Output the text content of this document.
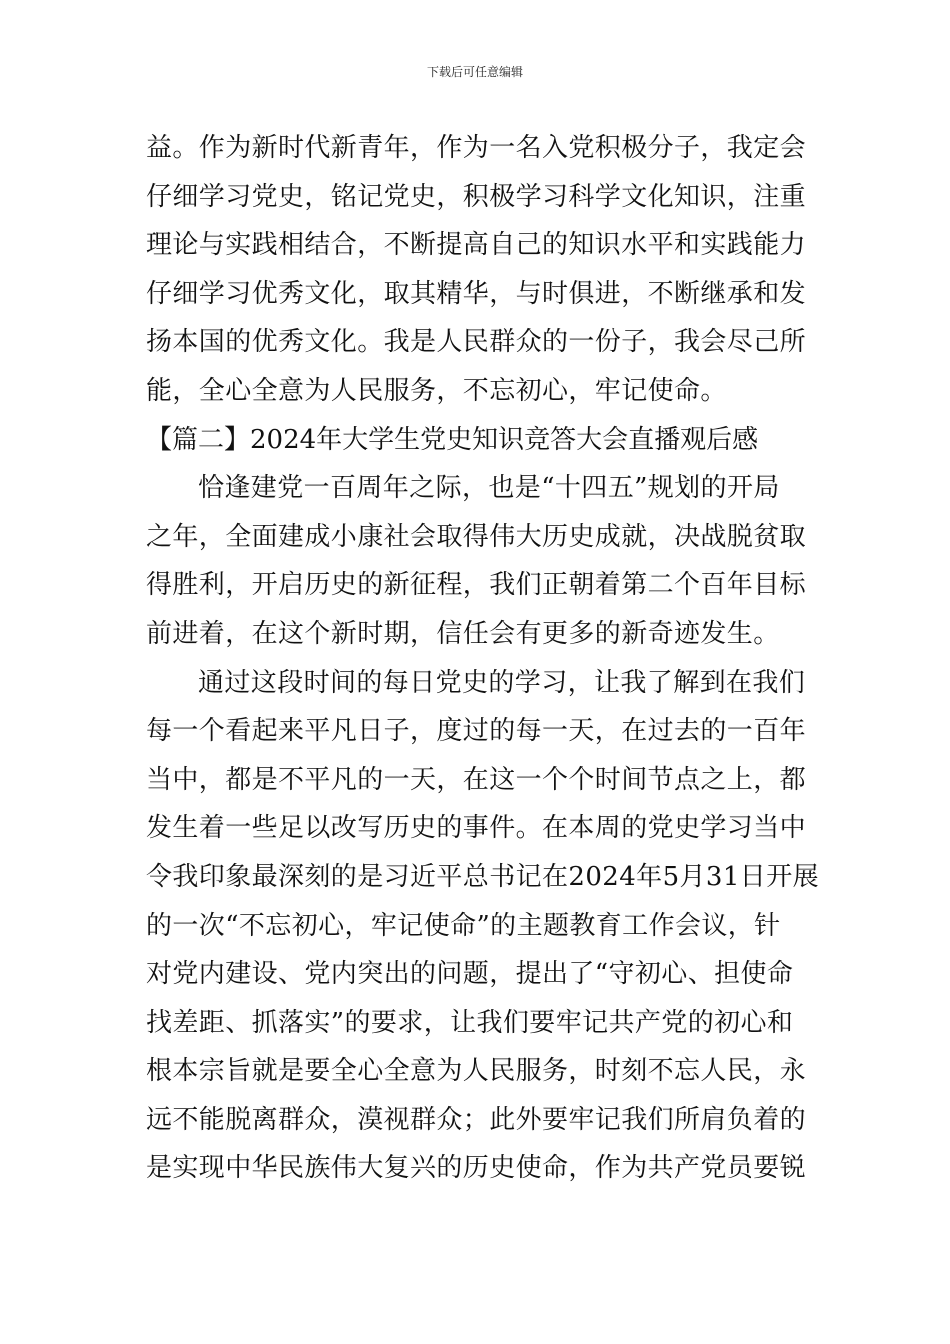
下载后可任意编辑
益。作为新时代新青年，作为一名入党积极分子，我定会
仔细学习党史，铭记党史，积极学习科学文化知识，注重
理论与实践相结合，不断提高自己的知识水平和实践能力
仔细学习优秀文化，取其精华，与时俱进，不断继承和发
扬本国的优秀文化。我是人民群众的一份子，我会尽己所
能，全心全意为人民服务，不忘初心，牢记使命。
【篇二】2024年大学生党史知识竞答大会直播观后感
恰逢建党一百周年之际，也是“十四五”规划的开局
之年，全面建成小康社会取得伟大历史成就，决战脱贫取
得胜利，开启历史的新征程，我们正朝着第二个百年目标
前进着，在这个新时期，信任会有更多的新奇迹发生。
通过这段时间的每日党史的学习，让我了解到在我们
每一个看起来平凡日子，度过的每一天，在过去的一百年
当中，都是不平凡的一天，在这一个个时间节点之上，都
发生着一些足以改写历史的事件。在本周的党史学习当中
令我印象最深刻的是习近平总书记在2024年5月31日开展
的一次“不忘初心，牢记使命”的主题教育工作会议，针
对党内建设、党内突出的问题，提出了“守初心、担使命
找差距、抓落实”的要求，让我们要牢记共产党的初心和
根本宗旨就是要全心全意为人民服务，时刻不忘人民，永
远不能脱离群众，漠视群众；此外要牢记我们所肩负着的
是实现中华民族伟大复兴的历史使命，作为共产党员要锐
